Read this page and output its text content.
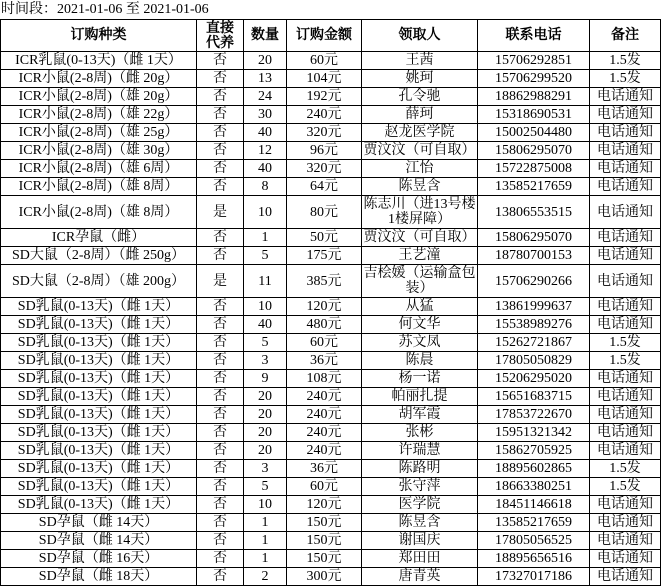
时间段：2021-01-06 至 2021-01-06
订购种类	直接代养	数量	订购金额	领取人	联系电话	备注
ICR乳鼠(0-13天)（雌 1天）	否	20	60元	王茜	15706292851	1.5发
ICR小鼠(2-8周)（雌 20g）	否	13	104元	姚珂	15706299520	1.5发
ICR小鼠(2-8周)（雄 20g）	否	24	192元	孔令驰	18862988291	电话通知
ICR小鼠(2-8周)（雄 22g）	否	30	240元	薛珂	15318690531	电话通知
ICR小鼠(2-8周)（雄 25g）	否	40	320元	赵龙医学院	15002504480	电话通知
ICR小鼠(2-8周)（雄 30g）	否	12	96元	贾汶汶（可自取）	15806295070	电话通知
ICR小鼠(2-8周)（雄 6周）	否	40	320元	江怡	15722875008	电话通知
ICR小鼠(2-8周)（雄 8周）	否	8	64元	陈昱含	13585217659	电话通知
ICR小鼠(2-8周)（雄 8周）	是	10	80元	陈志川（进13号楼1楼屏障）	13806553515	电话通知
ICR孕鼠（雌）	否	1	50元	贾汶汶（可自取）	15806295070	电话通知
SD大鼠（2-8周）（雌 250g）	否	5	175元	王艺潼	18780700153	电话通知
SD大鼠（2-8周）（雄 200g）	是	11	385元	吉桧媛（运输盒包装）	15706290266	电话通知
SD乳鼠(0-13天)（雌 1天）	否	10	120元	从猛	13861999637	电话通知
SD乳鼠(0-13天)（雌 1天）	否	40	480元	何文华	15538989276	电话通知
SD乳鼠(0-13天)（雌 1天）	否	5	60元	苏文凤	15262721867	1.5发
SD乳鼠(0-13天)（雌 1天）	否	3	36元	陈晨	17805050829	1.5发
SD乳鼠(0-13天)（雌 1天）	否	9	108元	杨一诺	15206295020	电话通知
SD乳鼠(0-13天)（雌 1天）	否	20	240元	帕丽扎提	15651683715	电话通知
SD乳鼠(0-13天)（雌 1天）	否	20	240元	胡军霞	17853722670	电话通知
SD乳鼠(0-13天)（雌 1天）	否	20	240元	张彬	15951321342	电话通知
SD乳鼠(0-13天)（雌 1天）	否	20	240元	许瑞慧	15862705925	电话通知
SD乳鼠(0-13天)（雌 1天）	否	3	36元	陈路明	18895602865	1.5发
SD乳鼠(0-13天)（雌 1天）	否	5	60元	张守萍	18663380251	1.5发
SD乳鼠(0-13天)（雌 1天）	否	10	120元	医学院	18451146618	电话通知
SD孕鼠（雌 14天）	否	1	150元	陈昱含	13585217659	电话通知
SD孕鼠（雌 14天）	否	1	150元	谢国庆	17805056525	电话通知
SD孕鼠（雌 16天）	否	1	150元	郑田田	18895656516	电话通知
SD孕鼠（雌 18天）	否	2	300元	唐青英	17327017186	电话通知
